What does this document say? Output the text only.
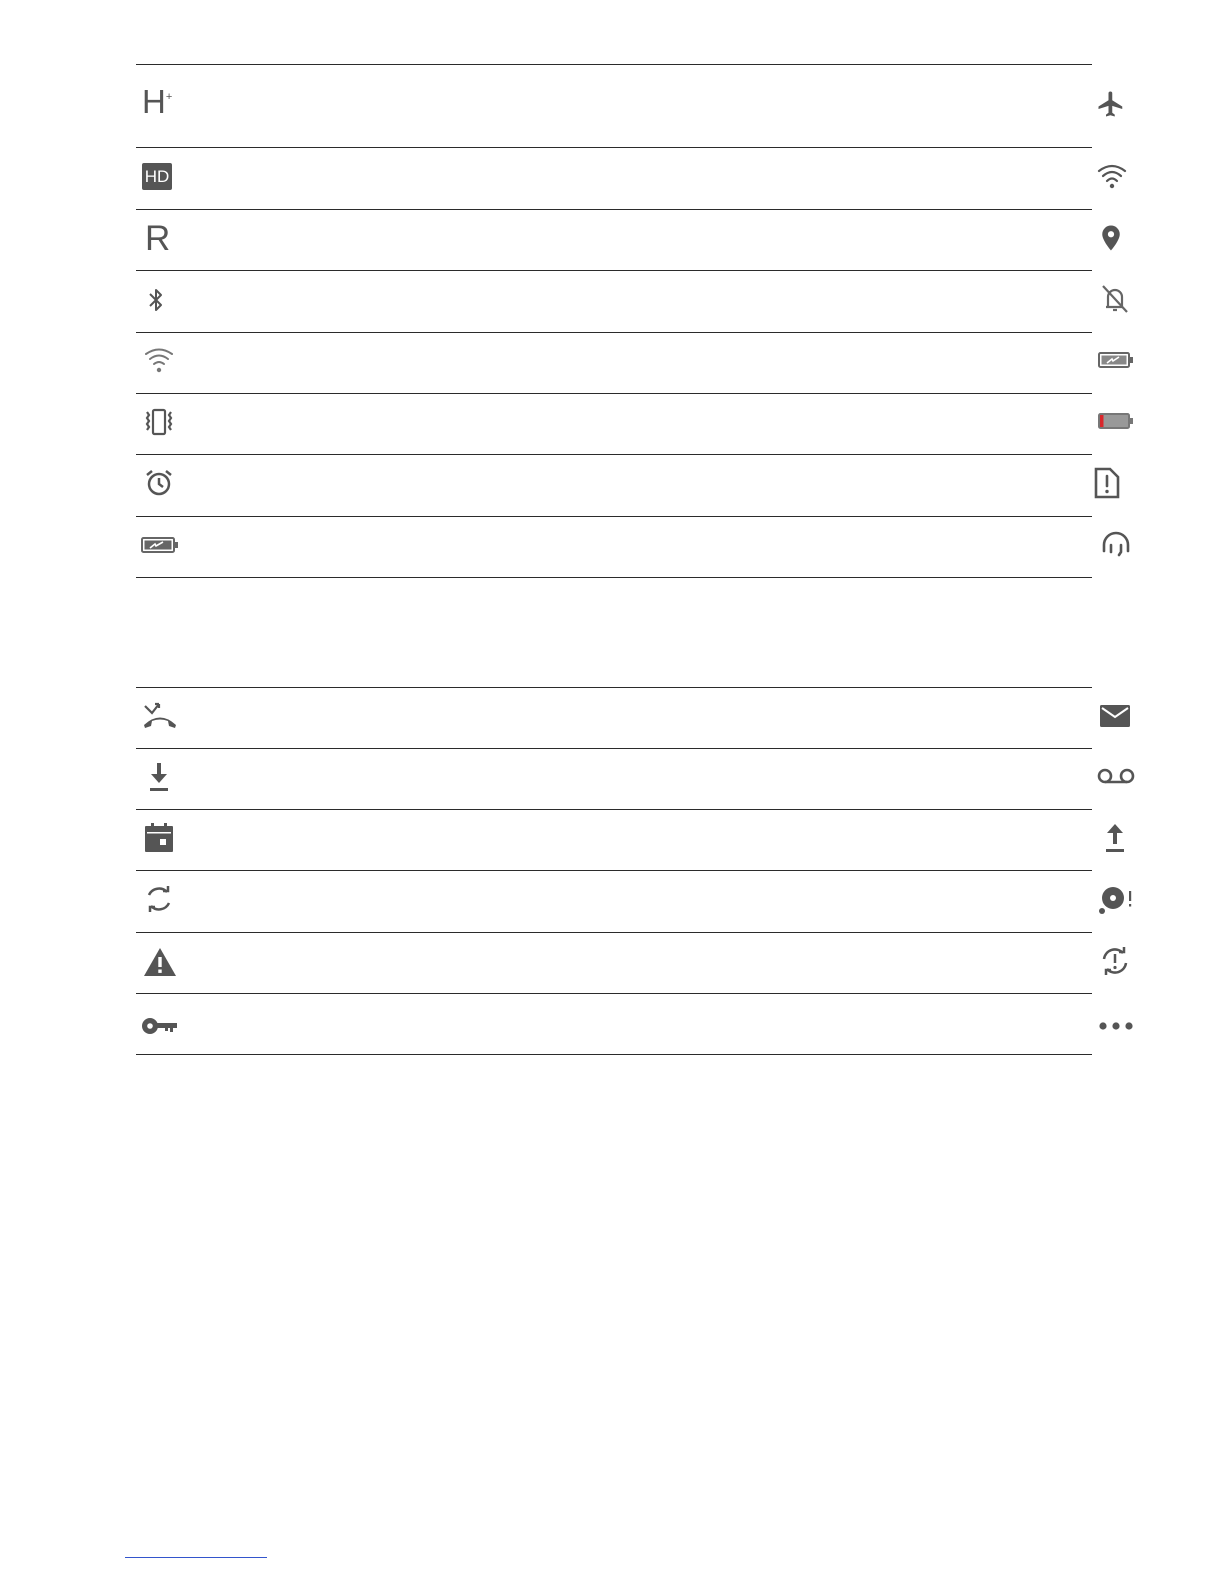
H+
HD
R
